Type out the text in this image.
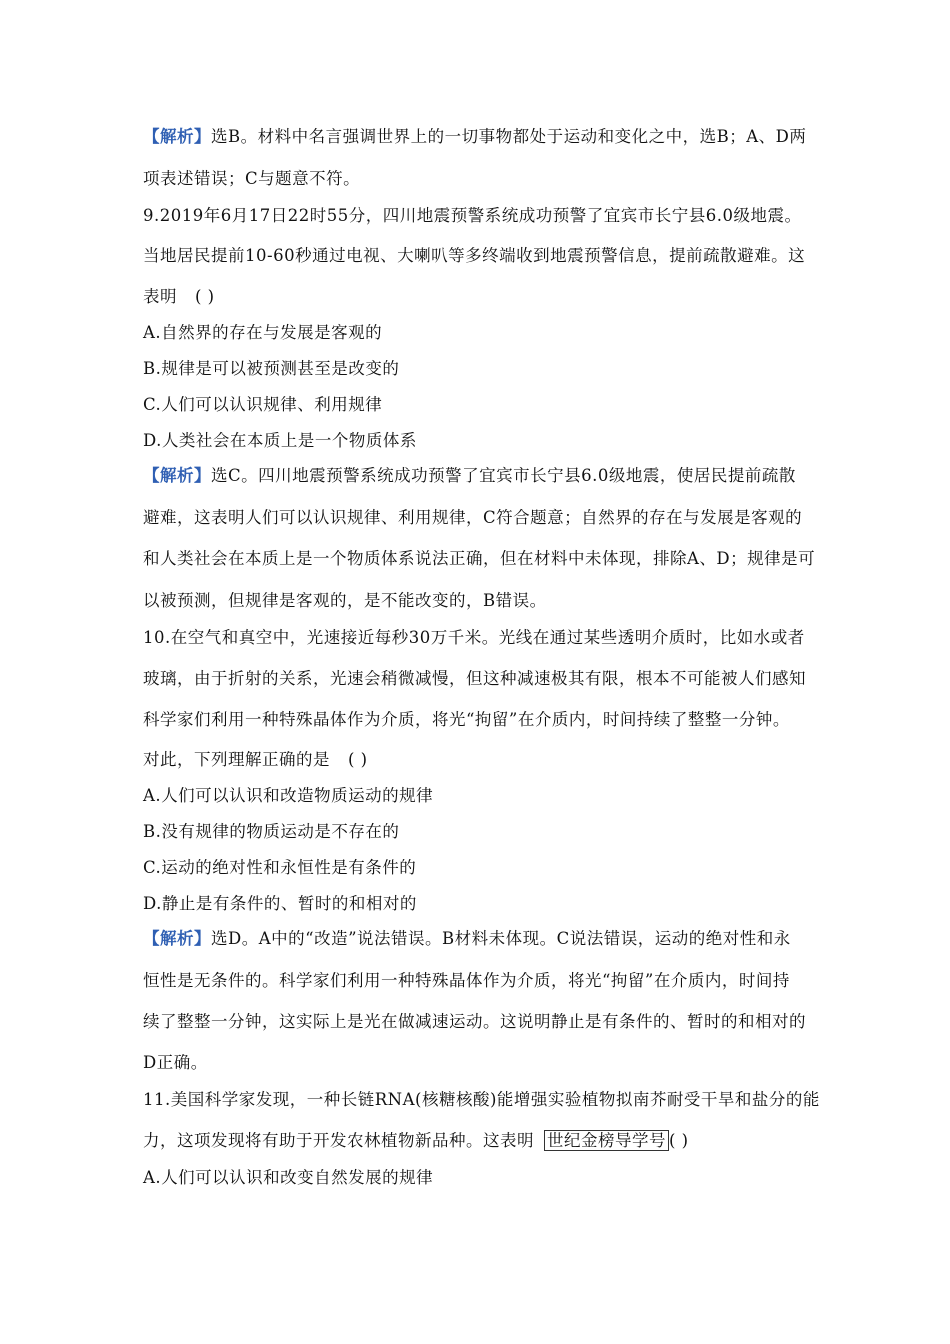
【解析】选B。材料中名言强调世界上的一切事物都处于运动和变化之中，选B；A、D两
项表述错误；C与题意不符。
9.2019年6月17日22时55分，四川地震预警系统成功预警了宜宾市长宁县6.0级地震。
当地居民提前10-60秒通过电视、大喇叭等多终端收到地震预警信息，提前疏散避难。这
表明 ( )
A.自然界的存在与发展是客观的
B.规律是可以被预测甚至是改变的
C.人们可以认识规律、利用规律
D.人类社会在本质上是一个物质体系
【解析】选C。四川地震预警系统成功预警了宜宾市长宁县6.0级地震，使居民提前疏散
避难，这表明人们可以认识规律、利用规律，C符合题意；自然界的存在与发展是客观的
和人类社会在本质上是一个物质体系说法正确，但在材料中未体现，排除A、D；规律是可
以被预测，但规律是客观的，是不能改变的，B错误。
10.在空气和真空中，光速接近每秒30万千米。光线在通过某些透明介质时，比如水或者
玻璃，由于折射的关系，光速会稍微减慢，但这种减速极其有限，根本不可能被人们感知
科学家们利用一种特殊晶体作为介质，将光“拘留”在介质内，时间持续了整整一分钟。
对此，下列理解正确的是 ( )
A.人们可以认识和改造物质运动的规律
B.没有规律的物质运动是不存在的
C.运动的绝对性和永恒性是有条件的
D.静止是有条件的、暂时的和相对的
【解析】选D。A中的“改造”说法错误。B材料未体现。C说法错误，运动的绝对性和永
恒性是无条件的。科学家们利用一种特殊晶体作为介质，将光“拘留”在介质内，时间持
续了整整一分钟，这实际上是光在做减速运动。这说明静止是有条件的、暂时的和相对的
D正确。
11.美国科学家发现，一种长链RNA(核糖核酸)能增强实验植物拟南芥耐受干旱和盐分的能
力，这项发现将有助于开发农林植物新品种。这表明 世纪金榜导学号 ( )
A.人们可以认识和改变自然发展的规律
